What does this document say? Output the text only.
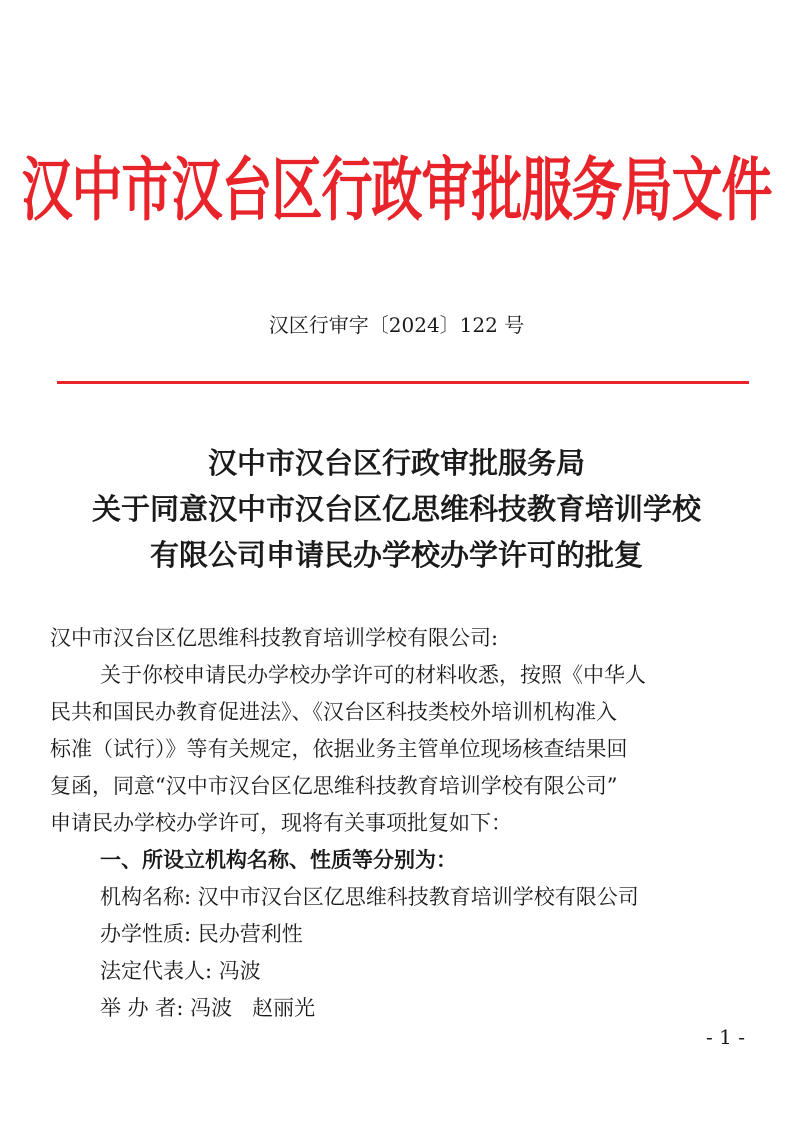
汉中市汉台区行政审批服务局文件
汉区行审字〔2024〕122 号
汉中市汉台区行政审批服务局
关于同意汉中市汉台区亿思维科技教育培训学校
有限公司申请民办学校办学许可的批复

汉中市汉台区亿思维科技教育培训学校有限公司:

关于你校申请民办学校办学许可的材料收悉，按照《中华人

民共和国民办教育促进法》、《汉台区科技类校外培训机构准入

标准（试行）》等有关规定，依据业务主管单位现场核查结果回

复函，同意“汉中市汉台区亿思维科技教育培训学校有限公司”

申请民办学校办学许可，现将有关事项批复如下：

一、所设立机构名称、性质等分别为：

机构名称: 汉中市汉台区亿思维科技教育培训学校有限公司

办学性质: 民办营利性

法定代表人: 冯波

举 办 者: 冯波   赵丽光

- 1 -
